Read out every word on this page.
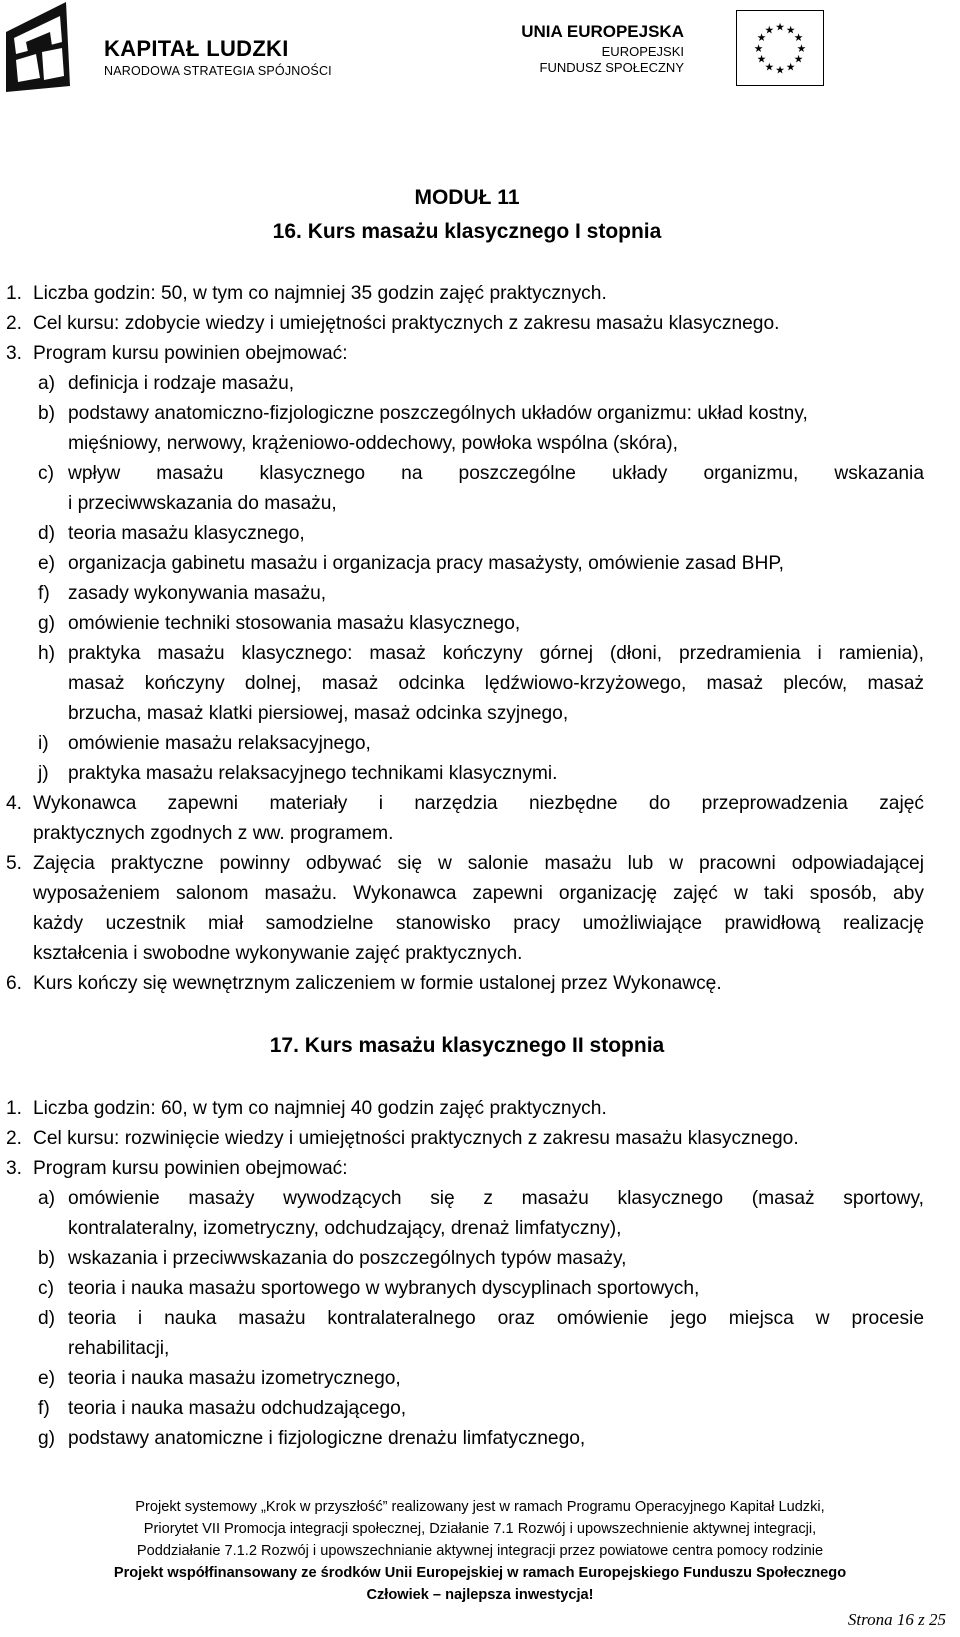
KAPITAŁ LUDZKI
NARODOWA STRATEGIA SPÓJNOŚCI
UNIA EUROPEJSKA
EUROPEJSKI
FUNDUSZ SPOŁECZNY
★ ★
★
★
★
★
★
★
★
★
★
★
MODUŁ 11
16. Kurs masażu klasycznego I stopnia
1. Liczba godzin: 50, w tym co najmniej 35 godzin zajęć praktycznych.
2. Cel kursu: zdobycie wiedzy i umiejętności praktycznych z zakresu masażu klasycznego.
3. Program kursu powinien obejmować:
a) definicja i rodzaje masażu,
b) podstawy anatomiczno-fizjologiczne poszczególnych układów organizmu: układ kostny,
mięśniowy, nerwowy, krążeniowo-oddechowy, powłoka wspólna (skóra),
c) wpływ masażu klasycznego na poszczególne układy organizmu, wskazania
i przeciwwskazania do masażu,
d) teoria masażu klasycznego,
e) organizacja gabinetu masażu i organizacja pracy masażysty, omówienie zasad BHP,
f) zasady wykonywania masażu,
g) omówienie techniki stosowania masażu klasycznego,
h) praktyka masażu klasycznego: masaż kończyny górnej (dłoni, przedramienia i ramienia),
masaż kończyny dolnej, masaż odcinka lędźwiowo-krzyżowego, masaż pleców, masaż
brzucha, masaż klatki piersiowej, masaż odcinka szyjnego,
i) omówienie masażu relaksacyjnego,
j) praktyka masażu relaksacyjnego technikami klasycznymi.
4. Wykonawca zapewni materiały i narzędzia niezbędne do przeprowadzenia zajęć
praktycznych zgodnych z ww. programem.
5. Zajęcia praktyczne powinny odbywać się w salonie masażu lub w pracowni odpowiadającej
wyposażeniem salonom masażu. Wykonawca zapewni organizację zajęć w taki sposób, aby
każdy uczestnik miał samodzielne stanowisko pracy umożliwiające prawidłową realizację
kształcenia i swobodne wykonywanie zajęć praktycznych.
6. Kurs kończy się wewnętrznym zaliczeniem w formie ustalonej przez Wykonawcę.
17. Kurs masażu klasycznego II stopnia
1. Liczba godzin: 60, w tym co najmniej 40 godzin zajęć praktycznych.
2. Cel kursu: rozwinięcie wiedzy i umiejętności praktycznych z zakresu masażu klasycznego.
3. Program kursu powinien obejmować:
a) omówienie masaży wywodzących się z masażu klasycznego (masaż sportowy,
kontralateralny, izometryczny, odchudzający, drenaż limfatyczny),
b) wskazania i przeciwwskazania do poszczególnych typów masaży,
c) teoria i nauka masażu sportowego w wybranych dyscyplinach sportowych,
d) teoria i nauka masażu kontralateralnego oraz omówienie jego miejsca w procesie
rehabilitacji,
e) teoria i nauka masażu izometrycznego,
f) teoria i nauka masażu odchudzającego,
g) podstawy anatomiczne i fizjologiczne drenażu limfatycznego,
Projekt systemowy „Krok w przyszłość” realizowany jest w ramach Programu Operacyjnego Kapitał Ludzki,
Priorytet VII Promocja integracji społecznej, Działanie 7.1 Rozwój i upowszechnienie aktywnej integracji,
Poddziałanie 7.1.2 Rozwój i upowszechnianie aktywnej integracji przez powiatowe centra pomocy rodzinie
Projekt współfinansowany ze środków Unii Europejskiej w ramach Europejskiego Funduszu Społecznego
Człowiek – najlepsza inwestycja!
Strona 16 z 25
